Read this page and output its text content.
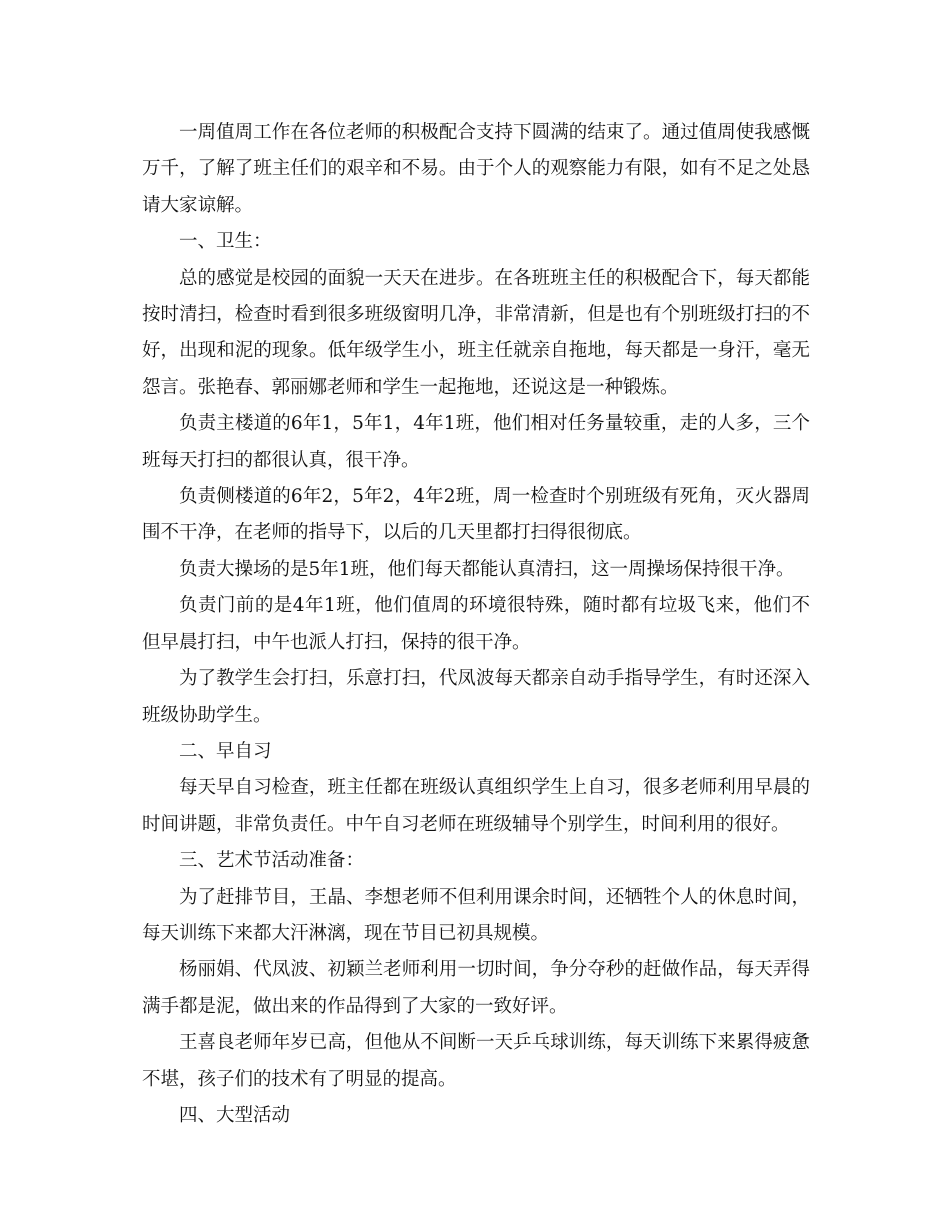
一周值周工作在各位老师的积极配合支持下圆满的结束了。通过值周使我感慨万千，了解了班主任们的艰辛和不易。由于个人的观察能力有限，如有不足之处恳请大家谅解。

一、卫生：

总的感觉是校园的面貌一天天在进步。在各班班主任的积极配合下，每天都能按时清扫，检查时看到很多班级窗明几净，非常清新，但是也有个别班级打扫的不好，出现和泥的现象。低年级学生小，班主任就亲自拖地，每天都是一身汗，毫无怨言。张艳春、郭丽娜老师和学生一起拖地，还说这是一种锻炼。

负责主楼道的6年1，5年1，4年1班，他们相对任务量较重，走的人多，三个班每天打扫的都很认真，很干净。

负责侧楼道的6年2，5年2，4年2班，周一检查时个别班级有死角，灭火器周围不干净，在老师的指导下，以后的几天里都打扫得很彻底。

负责大操场的是5年1班，他们每天都能认真清扫，这一周操场保持很干净。

负责门前的是4年1班，他们值周的环境很特殊，随时都有垃圾飞来，他们不但早晨打扫，中午也派人打扫，保持的很干净。

为了教学生会打扫，乐意打扫，代凤波每天都亲自动手指导学生，有时还深入班级协助学生。

二、早自习

每天早自习检查，班主任都在班级认真组织学生上自习，很多老师利用早晨的时间讲题，非常负责任。中午自习老师在班级辅导个别学生，时间利用的很好。

三、艺术节活动准备：

为了赶排节目，王晶、李想老师不但利用课余时间，还牺牲个人的休息时间，每天训练下来都大汗淋漓，现在节目已初具规模。

杨丽娟、代凤波、初颖兰老师利用一切时间，争分夺秒的赶做作品，每天弄得满手都是泥，做出来的作品得到了大家的一致好评。

王喜良老师年岁已高，但他从不间断一天乒乓球训练，每天训练下来累得疲惫不堪，孩子们的技术有了明显的提高。

四、大型活动
